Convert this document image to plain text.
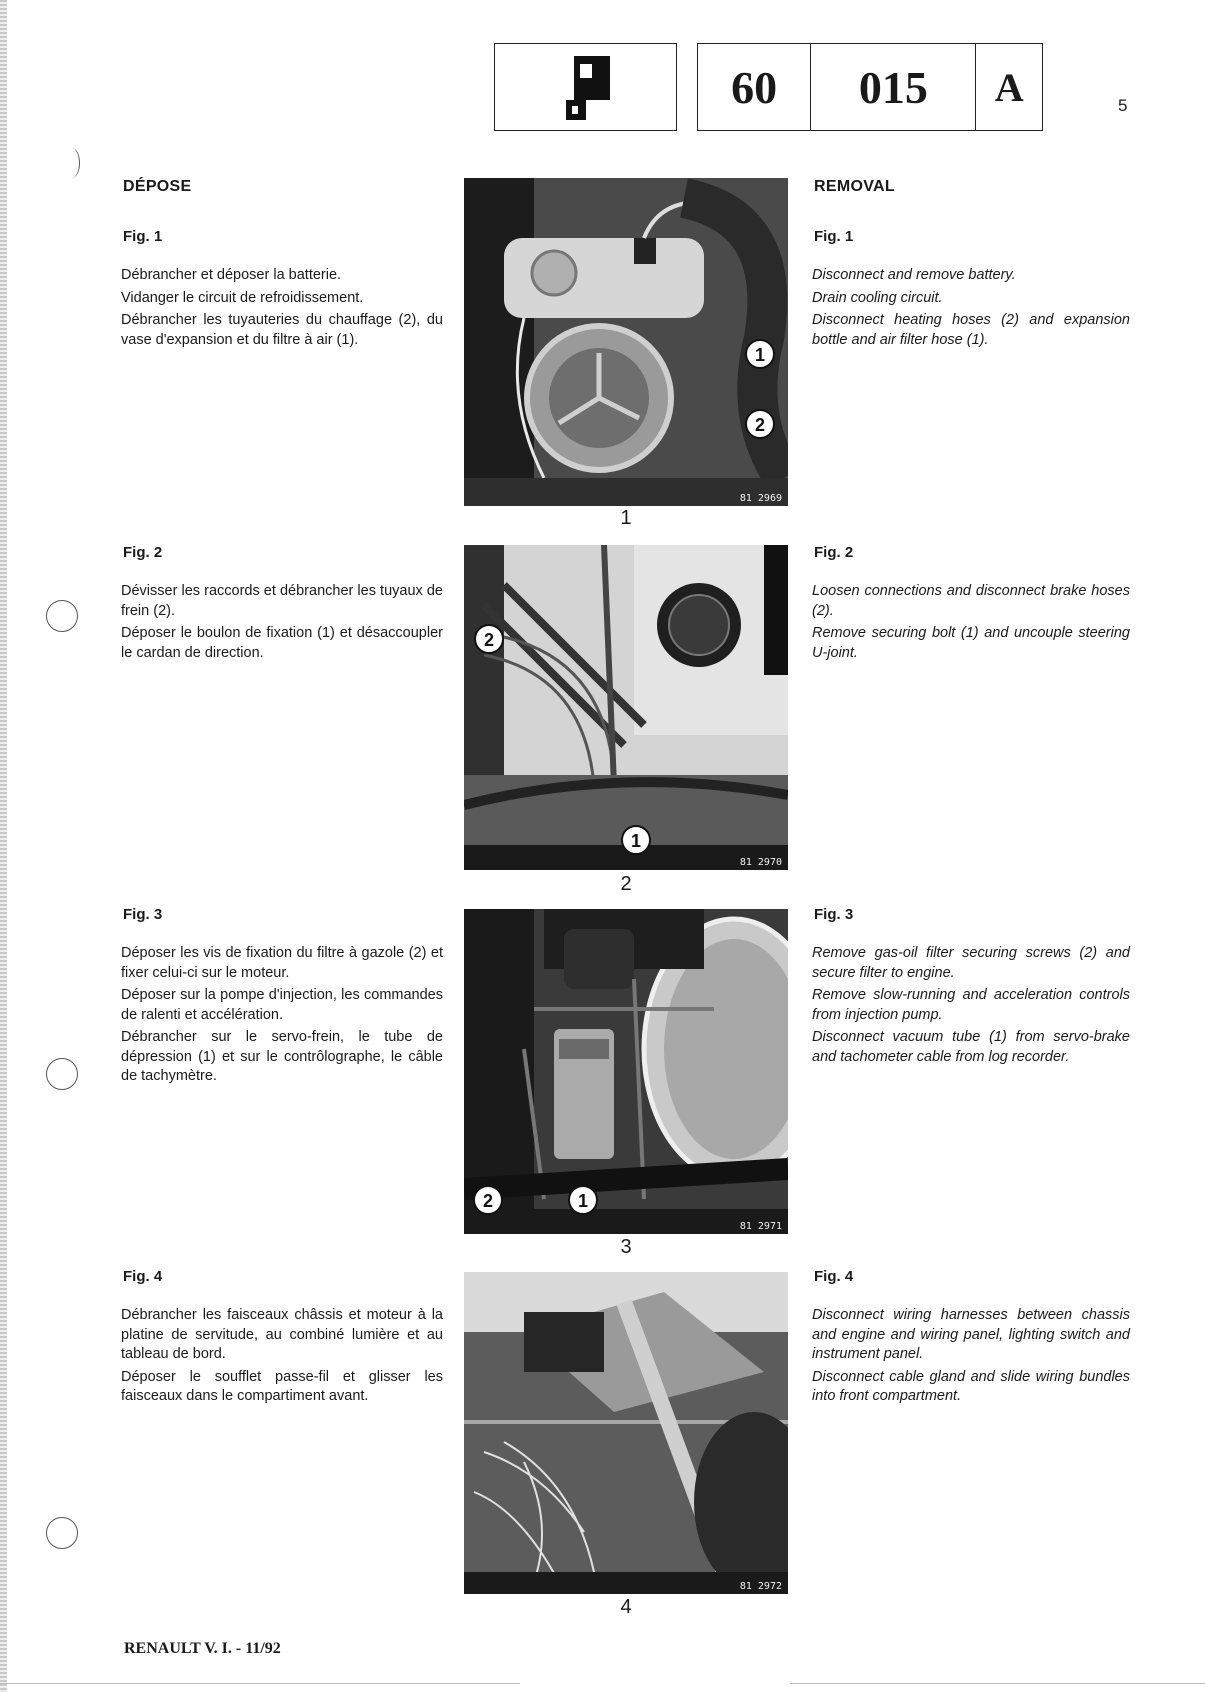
60	015	A	5
DÉPOSE	REMOVAL
Fig. 1	Fig. 1

Débrancher et déposer la batterie.

Vidanger le circuit de refroidissement.

Débrancher les tuyauteries du chauffage (2), du vase d'expansion et du filtre à air (1).

Disconnect and remove battery.

Drain cooling circuit.

Disconnect heating hoses (2) and expansion bottle and air filter hose (1).

1
2
81 2969
1
Fig. 2	Fig. 2

Dévisser les raccords et débrancher les tuyaux de frein (2).

Déposer le boulon de fixation (1) et désaccoupler le cardan de direction.

Loosen connections and disconnect brake hoses (2).

Remove securing bolt (1) and uncouple steering U-joint.

2
1
81 2970
2
Fig. 3	Fig. 3

Déposer les vis de fixation du filtre à gazole (2) et fixer celui-ci sur le moteur.

Déposer sur la pompe d'injection, les commandes de ralenti et accélération.

Débrancher sur le servo-frein, le tube de dépression (1) et sur le contrôlographe, le câble de tachymètre.

Remove gas-oil filter securing screws (2) and secure filter to engine.

Remove slow-running and acceleration controls from injection pump.

Disconnect vacuum tube (1) from servo-brake and tachometer cable from log recorder.

2	1
81 2971
3
Fig. 4	Fig. 4

Débrancher les faisceaux châssis et moteur à la platine de servitude, au combiné lumière et au tableau de bord.

Déposer le soufflet passe-fil et glisser les faisceaux dans le compartiment avant.

Disconnect wiring harnesses between chassis and engine and wiring panel, lighting switch and instrument panel.

Disconnect cable gland and slide wiring bundles into front compartment.

81 2972
4
RENAULT V. I. - 11/92
